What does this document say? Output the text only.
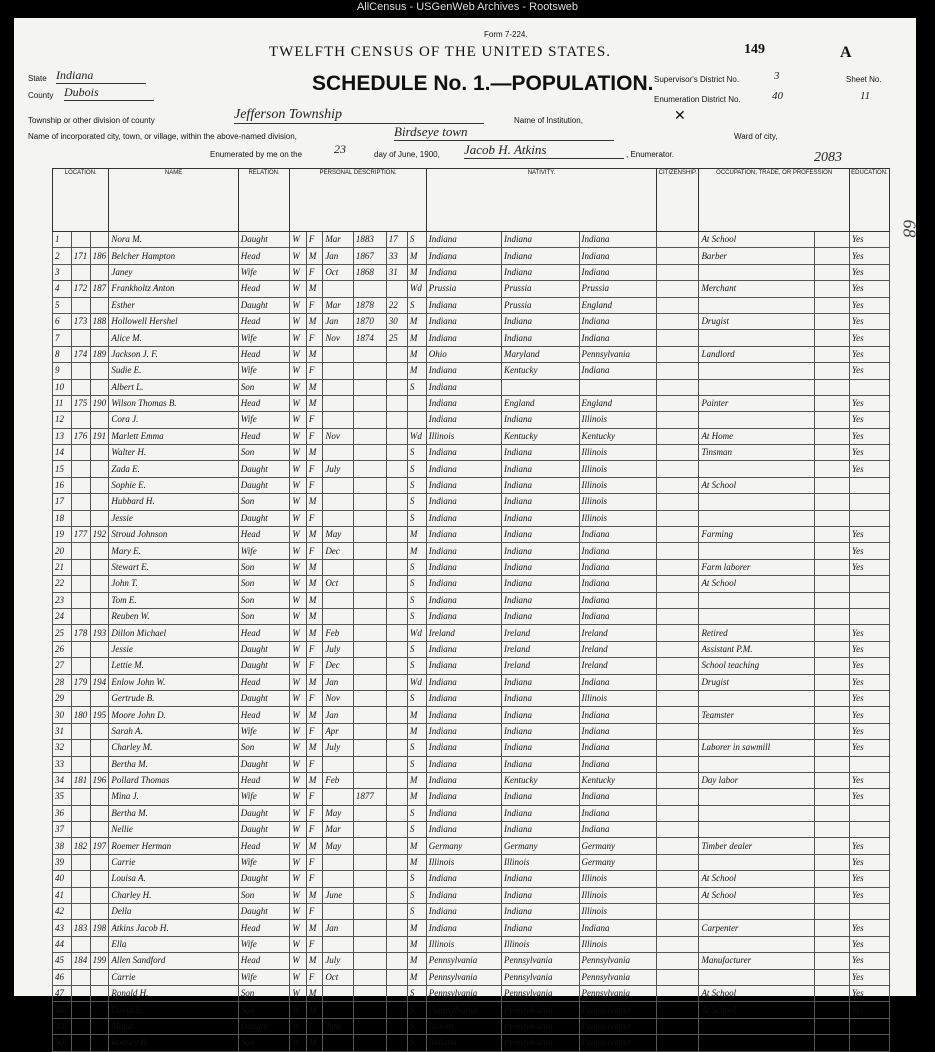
AllCensus - USGenWeb Archives - Rootsweb
Form 7-224.
TWELFTH CENSUS OF THE UNITED STATES.	149	A
SCHEDULE No. 1.—POPULATION.
State Indiana
County Dubois
Supervisor's District No.	3
Enumeration District No.	40
Sheet No.
11
Township or other division of county	Jefferson Township	Name of Institution,	✕
Name of incorporated city, town, or village, within the above-named division,	Birdseye town	Ward of city,
Enumerated by me on the	23	day of June, 1900, Jacob H. Atkins	, Enumerator.	2083
68
LOCATION.			NAME	RELATION.	PERSONAL DESCRIPTION.						NATIVITY.			CITIZENSHIP.	OCCUPATION, TRADE, OR PROFESSION		EDUCATION.
1			Nora M.	Daught	W	F	Mar	1883	17	S	Indiana	Indiana	Indiana		At School		Yes
2	171	186	Belcher Hampton	Head	W	M	Jan	1867	33	M	Indiana	Indiana	Indiana		Barber		Yes
3			Janey	Wife	W	F	Oct	1868	31	M	Indiana	Indiana	Indiana				Yes
4	172	187	Frankholtz Anton	Head	W	M				Wd	Prussia	Prussia	Prussia		Merchant		Yes
5			Esther	Daught	W	F	Mar	1878	22	S	Indiana	Prussia	England				Yes
6	173	188	Hollowell Hershel	Head	W	M	Jan	1870	30	M	Indiana	Indiana	Indiana		Drugist		Yes
7			Alice M.	Wife	W	F	Nov	1874	25	M	Indiana	Indiana	Indiana				Yes
8	174	189	Jackson J. F.	Head	W	M				M	Ohio	Maryland	Pennsylvania		Landlord		Yes
9			Sudie E.	Wife	W	F				M	Indiana	Kentucky	Indiana				Yes
10			Albert L.	Son	W	M				S	Indiana						
11	175	190	Wilson Thomas B.	Head	W	M					Indiana	England	England		Painter		Yes
12			Cora J.	Wife	W	F					Indiana	Indiana	Illinois				Yes
13	176	191	Marlett Emma	Head	W	F	Nov			Wd	Illinois	Kentucky	Kentucky		At Home		Yes
14			Walter H.	Son	W	M				S	Indiana	Indiana	Illinois		Tinsman		Yes
15			Zada E.	Daught	W	F	July			S	Indiana	Indiana	Illinois				Yes
16			Sophie E.	Daught	W	F				S	Indiana	Indiana	Illinois		At School		
17			Hubbard H.	Son	W	M				S	Indiana	Indiana	Illinois				
18			Jessie	Daught	W	F				S	Indiana	Indiana	Illinois				
19	177	192	Stroud Johnson	Head	W	M	May			M	Indiana	Indiana	Indiana		Farming		Yes
20			Mary E.	Wife	W	F	Dec			M	Indiana	Indiana	Indiana				Yes
21			Stewart E.	Son	W	M				S	Indiana	Indiana	Indiana		Farm laborer		Yes
22			John T.	Son	W	M	Oct			S	Indiana	Indiana	Indiana		At School		
23			Tom E.	Son	W	M				S	Indiana	Indiana	Indiana				
24			Reuben W.	Son	W	M				S	Indiana	Indiana	Indiana				
25	178	193	Dillon Michael	Head	W	M	Feb			Wd	Ireland	Ireland	Ireland		Retired		Yes
26			Jessie	Daught	W	F	July			S	Indiana	Ireland	Ireland		Assistant P.M.		Yes
27			Lettie M.	Daught	W	F	Dec			S	Indiana	Ireland	Ireland		School teaching		Yes
28	179	194	Enlow John W.	Head	W	M	Jan			Wd	Indiana	Indiana	Indiana		Drugist		Yes
29			Gertrude B.	Daught	W	F	Nov			S	Indiana	Indiana	Illinois				Yes
30	180	195	Moore John D.	Head	W	M	Jan			M	Indiana	Indiana	Indiana		Teamster		Yes
31			Sarah A.	Wife	W	F	Apr			M	Indiana	Indiana	Indiana				Yes
32			Charley M.	Son	W	M	July			S	Indiana	Indiana	Indiana		Laborer in sawmill		Yes
33			Bertha M.	Daught	W	F				S	Indiana	Indiana	Indiana				
34	181	196	Pollard Thomas	Head	W	M	Feb			M	Indiana	Kentucky	Kentucky		Day labor		Yes
35			Mina J.	Wife	W	F		1877		M	Indiana	Indiana	Indiana				Yes
36			Bertha M.	Daught	W	F	May			S	Indiana	Indiana	Indiana				
37			Nellie	Daught	W	F	Mar			S	Indiana	Indiana	Indiana				
38	182	197	Roemer Herman	Head	W	M	May			M	Germany	Germany	Germany		Timber dealer		Yes
39			Carrie	Wife	W	F				M	Illinois	Illinois	Germany				Yes
40			Louisa A.	Daught	W	F				S	Indiana	Indiana	Illinois		At School		Yes
41			Charley H.	Son	W	M	June			S	Indiana	Indiana	Illinois		At School		Yes
42			Della	Daught	W	F				S	Indiana	Indiana	Illinois				
43	183	198	Atkins Jacob H.	Head	W	M	Jan			M	Indiana	Indiana	Indiana		Carpenter		Yes
44			Ella	Wife	W	F				M	Illinois	Illinois	Illinois				Yes
45	184	199	Allen Sandford	Head	W	M	July			M	Pennsylvania	Pennsylvania	Pennsylvania		Manufacturer		Yes
46			Carrie	Wife	W	F	Oct			M	Pennsylvania	Pennsylvania	Pennsylvania				Yes
47			Ronald H.	Son	W	M				S	Pennsylvania	Pennsylvania	Pennsylvania		At School		Yes
48			David E.	Son	W	M				S	Pennsylvania	Pennsylvania	Pennsylvania		At School		Yes
49			Maud	Daught	W	F	June			S	Illinois	Pennsylvania	Pennsylvania				
50			Rodney B.	Son	W	M				S	Indiana	Pennsylvania	Pennsylvania				
